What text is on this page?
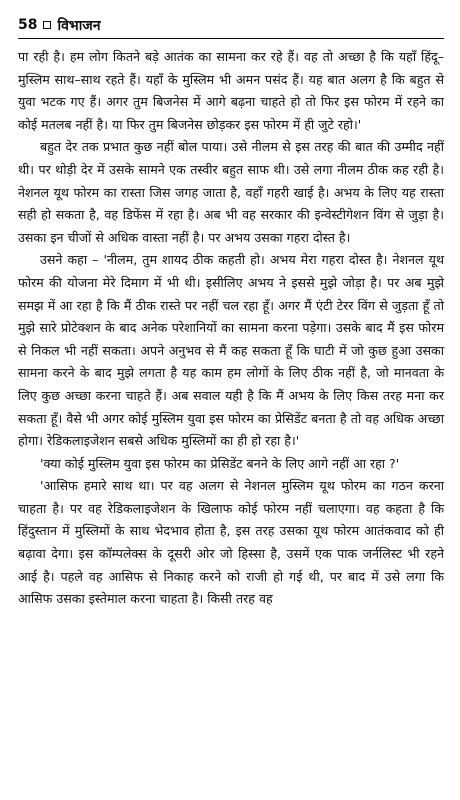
58 विभाजन

पा रही है। हम लोग कितने बड़े आतंक का सामना कर रहे हैं। वह तो अच्छा है कि यहाँ हिंदू–मुस्लिम साथ–साथ रहते हैं। यहाँ के मुस्लिम भी अमन पसंद हैं। यह बात अलग है कि बहुत से युवा भटक गए हैं। अगर तुम बिजनेस में आगे बढ़ना चाहते हो तो फिर इस फोरम में रहने का कोई मतलब नहीं है। या फिर तुम बिजनेस छोड़कर इस फोरम में ही जुटे रहो।'

बहुत देर तक प्रभात कुछ नहीं बोल पाया। उसे नीलम से इस तरह की बात की उम्मीद नहीं थी। पर थोड़ी देर में उसके सामने एक तस्वीर बहुत साफ थी। उसे लगा नीलम ठीक कह रही है। नेशनल यूथ फोरम का रास्ता जिस जगह जाता है, वहाँ गहरी खाई है। अभय के लिए यह रास्ता सही हो सकता है, वह डिफेंस में रहा है। अब भी वह सरकार की इन्वेस्टीगेशन विंग से जुड़ा है। उसका इन चीजों से अधिक वास्ता नहीं है। पर अभय उसका गहरा दोस्त है।

उसने कहा – 'नीलम, तुम शायद ठीक कहती हो। अभय मेरा गहरा दोस्त है। नेशनल यूथ फोरम की योजना मेरे दिमाग में भी थी। इसीलिए अभय ने इससे मुझे जोड़ा है। पर अब मुझे समझ में आ रहा है कि मैं ठीक रास्ते पर नहीं चल रहा हूँ। अगर मैं एंटी टेरर विंग से जुड़ता हूँ तो मुझे सारे प्रोटेक्शन के बाद अनेक परेशानियों का सामना करना पड़ेगा। उसके बाद मैं इस फोरम से निकल भी नहीं सकता। अपने अनुभव से मैं कह सकता हूँ कि घाटी में जो कुछ हुआ उसका सामना करने के बाद मुझे लगता है यह काम हम लोगों के लिए ठीक नहीं है, जो मानवता के लिए कुछ अच्छा करना चाहते हैं। अब सवाल यही है कि मैं अभय के लिए किस तरह मना कर सकता हूँ। वैसे भी अगर कोई मुस्लिम युवा इस फोरम का प्रेसिडेंट बनता है तो वह अधिक अच्छा होगा। रेडिकलाइजेशन सबसे अधिक मुस्लिमों का ही हो रहा है।'

'क्या कोई मुस्लिम युवा इस फोरम का प्रेसिडेंट बनने के लिए आगे नहीं आ रहा ?'

'आसिफ हमारे साथ था। पर वह अलग से नेशनल मुस्लिम यूथ फोरम का गठन करना चाहता है। पर वह रेडिकलाइजेशन के खिलाफ कोई फोरम नहीं चलाएगा। वह कहता है कि हिंदुस्तान में मुस्लिमों के साथ भेदभाव होता है, इस तरह उसका यूथ फोरम आतंकवाद को ही बढ़ावा देगा। इस कॉम्पलेक्स के दूसरी ओर जो हिस्सा है, उसमें एक पाक जर्नलिस्ट भी रहने आई है। पहले वह आसिफ से निकाह करने को राजी हो गई थी, पर बाद में उसे लगा कि आसिफ उसका इस्तेमाल करना चाहता है। किसी तरह वह
